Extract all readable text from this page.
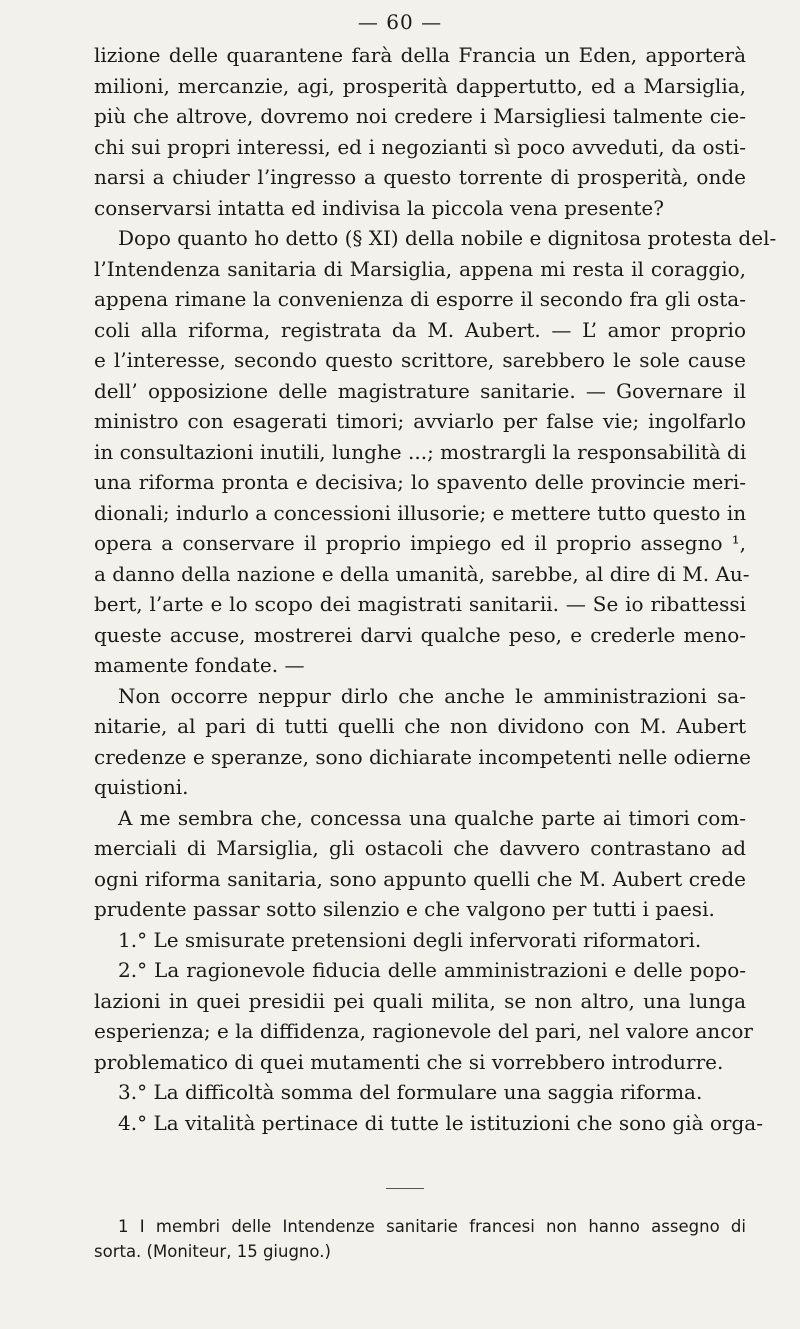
— 60 —
lizione delle quarantene farà della Francia un Eden, apporterà
milioni, mercanzie, agi, prosperità dappertutto, ed a Marsiglia,
più che altrove, dovremo noi credere i Marsigliesi talmente cie-
chi sui propri interessi, ed i negozianti sì poco avveduti, da osti-
narsi a chiuder l’ingresso a questo torrente di prosperità, onde
conservarsi intatta ed indivisa la piccola vena presente?
Dopo quanto ho detto (§ XI) della nobile e dignitosa protesta del-
l’Intendenza sanitaria di Marsiglia, appena mi resta il coraggio,
appena rimane la convenienza di esporre il secondo fra gli osta-
coli alla riforma, registrata da M. Aubert. — L’ amor proprio
e l’interesse, secondo questo scrittore, sarebbero le sole cause
dell’ opposizione delle magistrature sanitarie. — Governare il
ministro con esagerati timori; avviarlo per false vie; ingolfarlo
in consultazioni inutili, lunghe ...; mostrargli la responsabilità di
una riforma pronta e decisiva; lo spavento delle provincie meri-
dionali; indurlo a concessioni illusorie; e mettere tutto questo in
opera a conservare il proprio impiego ed il proprio assegno ¹,
a danno della nazione e della umanità, sarebbe, al dire di M. Au-
bert, l’arte e lo scopo dei magistrati sanitarii. — Se io ribattessi
queste accuse, mostrerei darvi qualche peso, e crederle meno-
mamente fondate. —
Non occorre neppur dirlo che anche le amministrazioni sa-
nitarie, al pari di tutti quelli che non dividono con M. Aubert
credenze e speranze, sono dichiarate incompetenti nelle odierne
quistioni.
A me sembra che, concessa una qualche parte ai timori com-
merciali di Marsiglia, gli ostacoli che davvero contrastano ad
ogni riforma sanitaria, sono appunto quelli che M. Aubert crede
prudente passar sotto silenzio e che valgono per tutti i paesi.
1.° Le smisurate pretensioni degli infervorati riformatori.
2.° La ragionevole fiducia delle amministrazioni e delle popo-
lazioni in quei presidii pei quali milita, se non altro, una lunga
esperienza; e la diffidenza, ragionevole del pari, nel valore ancor
problematico di quei mutamenti che si vorrebbero introdurre.
3.° La difficoltà somma del formulare una saggia riforma.
4.° La vitalità pertinace di tutte le istituzioni che sono già orga-
1 I membri delle Intendenze sanitarie francesi non hanno assegno di
sorta. (Moniteur, 15 giugno.)
